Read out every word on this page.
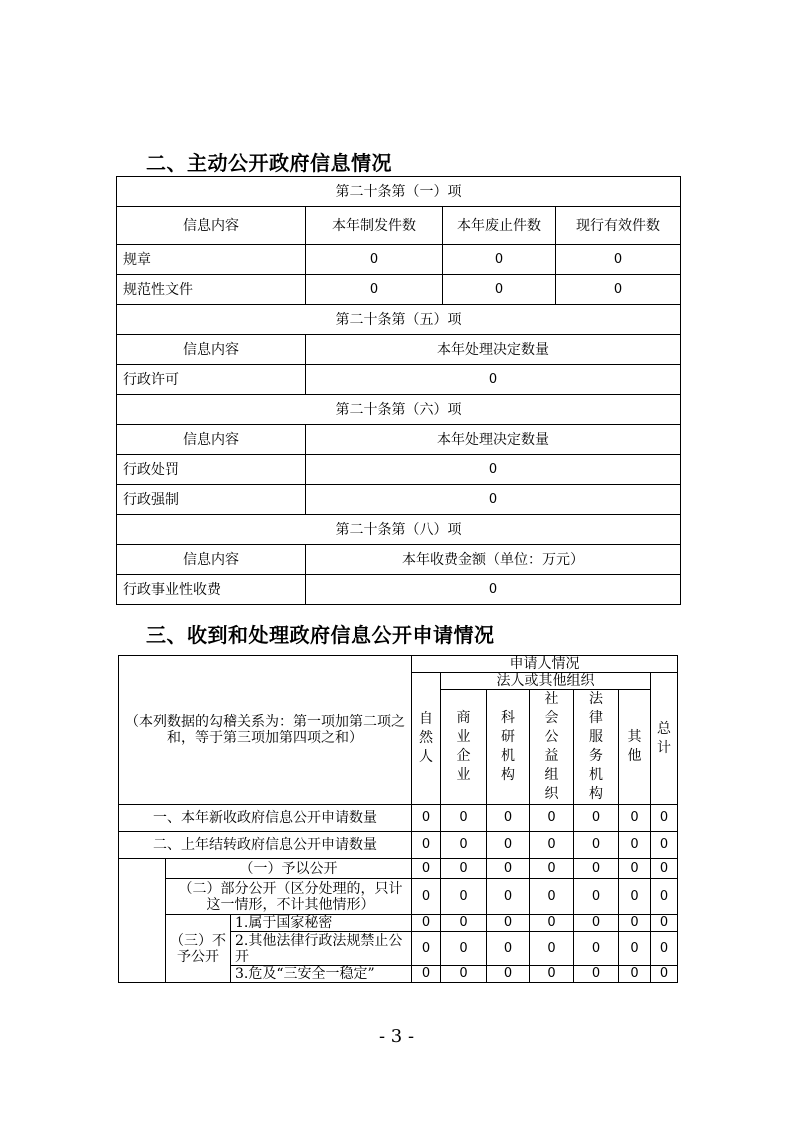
二、主动公开政府信息情况
第二十条第（一）项			
信息内容	本年制发件数	本年废止件数	现行有效件数
规章	0	0	0
规范性文件	0	0	0
第二十条第（五）项			
信息内容	本年处理决定数量		
行政许可	0		
第二十条第（六）项			
信息内容	本年处理决定数量		
行政处罚	0		
行政强制	0		
第二十条第（八）项			
信息内容	本年收费金额（单位：万元）		
行政事业性收费	0		
三、收到和处理政府信息公开申请情况
（本列数据的勾稽关系为：第一项加第二项之和，等于第三项加第四项之和）			申请人情况						
			自然人	法人或其他组织					总计
				商业企业	科研机构	社会公益组织	法律服务机构	其他	
一、本年新收政府信息公开申请数量			0	0	0	0	0	0	0
二、上年结转政府信息公开申请数量			0	0	0	0	0	0	0
	（一）予以公开		0	0	0	0	0	0	0
	（二）部分公开（区分处理的，只计这一情形，不计其他情形）		0	0	0	0	0	0	0
	（三）不予公开	1.属于国家秘密	0	0	0	0	0	0	0
		2.其他法律行政法规禁止公开	0	0	0	0	0	0	0
		3.危及“三安全一稳定”	0	0	0	0	0	0	0
- 3 -
